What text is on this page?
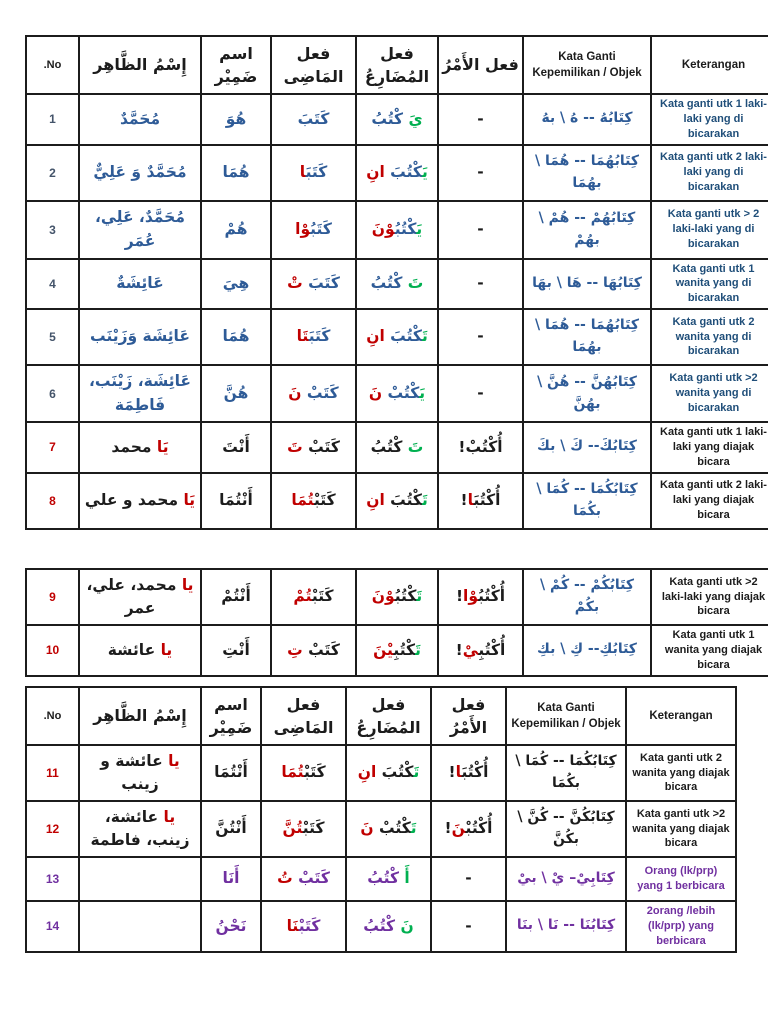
.No	إِسْمُ الظَّاهِر	اسم ضَمِيْر	فعل المَاضِى	فعل المُضَارِعُ	فعل الأَمْرُ	Kata Ganti Kepemilikan / Objek	Keterangan
1	مُحَمَّدٌ	هُوَ	كَتَبَ	يَ كْتُبُ	-	كِتَابُهُ -- هُ \ بهُ	Kata ganti utk 1 laki-laki yang di bicarakan
2	مُحَمَّدٌ وَ عَلِيٌّ	هُمَا	كَتَبَ‍‍ا	يَ‍‍كْتُبَ انِ	-	كِتَابُهُمَا -- هُمَا \ بهُمَا	Kata ganti utk 2 laki-laki yang di bicarakan
3	مُحَمَّدٌ، عَلِي، عُمَر	هُمْ	كَتَبُ‍‍وْا	يَ‍‍كْتُبُ‍‍وْنَ	-	كِتَابُهُمْ -- هُمْ \ بهُمْ	Kata ganti utk > 2 laki-laki yang di bicarakan
4	عَائِشَةٌ	هِيَ	كَتَبَ تْ	تَ كْتُبُ	-	كِتَابُهَا -- هَا \ بهَا	Kata ganti utk 1 wanita yang di bicarakan
5	عَائِشَة وَزَيْنَب	هُمَا	كَتَبَ‍‍تَا	تَ‍‍كْتُبَ انِ	-	كِتَابُهُمَا -- هُمَا \ بهُمَا	Kata ganti utk 2 wanita yang di bicarakan
6	عَائِشَة، زَيْنَب، فَاطِمَة	هُنَّ	كَتَبْ نَ	يَ‍‍كْتُبْ نَ	-	كِتَابُهُنَّ -- هُنَّ \ بهُنَّ	Kata ganti utk >2 wanita yang di bicarakan
7	يَا محمد	أَنْتَ	كَتَبْ تَ	تَ كْتُبُ	أُكْتُبْ!	كِتَابُكَ-- كَ \ بكَ	Kata ganti utk 1 laki-laki yang diajak bicara
8	يَا محمد و علي	أَنْتُمَا	كَتَبْ‍‍تُمَا	تَ‍‍كْتُبَ انِ	أُكْتُبَ‍‍ا!	كِتَابُكُمَا -- كُمَا \ بكُمَا	Kata ganti utk 2 laki-laki yang diajak bicara
9	يا محمد، علي، عمر	أَنْتُمْ	كَتَبْ‍‍تُمْ	تَ‍‍كْتُبُ‍‍وْنَ	أُكْتُبُ‍‍وْا!	كِتَابُكُمْ -- كُمْ \ بكُمْ	Kata ganti utk >2 laki-laki yang diajak bicara
10	يا عائشة	أَنْتِ	كَتَبْ تِ	تَ‍‍كْتُبِ‍‍يْنَ	أُكْتُبِ‍‍يْ!	كِتَابُكِ-- كِ \ بكِ	Kata ganti utk 1 wanita yang diajak bicara
.No	إِسْمُ الظَّاهِر	اسم ضَمِيْر	فعل المَاضِى	فعل المُضَارِعُ	فعل الأَمْرُ	Kata Ganti Kepemilikan / Objek	Keterangan
11	يا عائشة و زينب	أَنْتُمَا	كَتَبْ‍‍تُمَا	تَ‍‍كْتُبَ انِ	أُكْتُبَ‍‍ا!	كِتَابُكُمَا -- كُمَا \ بكُمَا	Kata ganti utk 2 wanita yang diajak bicara
12	يا عائشة، زينب، فاطمة	أَنْتُنَّ	كَتَبْ‍‍تُنَّ	تَ‍‍كْتُبْ نَ	أُكْتُبْ‍‍نَ!	كِتَابُكُنَّ -- كُنَّ \ بكُنَّ	Kata ganti utk >2 wanita yang diajak bicara
13		أَنَا	كَتَبْ تُ	أَ كْتُبُ	-	كِتَابِيْ– يْ \ بيْ	Orang (lk/prp) yang 1 berbicara
14		نَحْنُ	كَتَبْ‍‍نَا	نَ كْتُبُ	-	كِتَابُنَا -- نَا \ بنَا	2orang /lebih (lk/prp) yang berbicara
